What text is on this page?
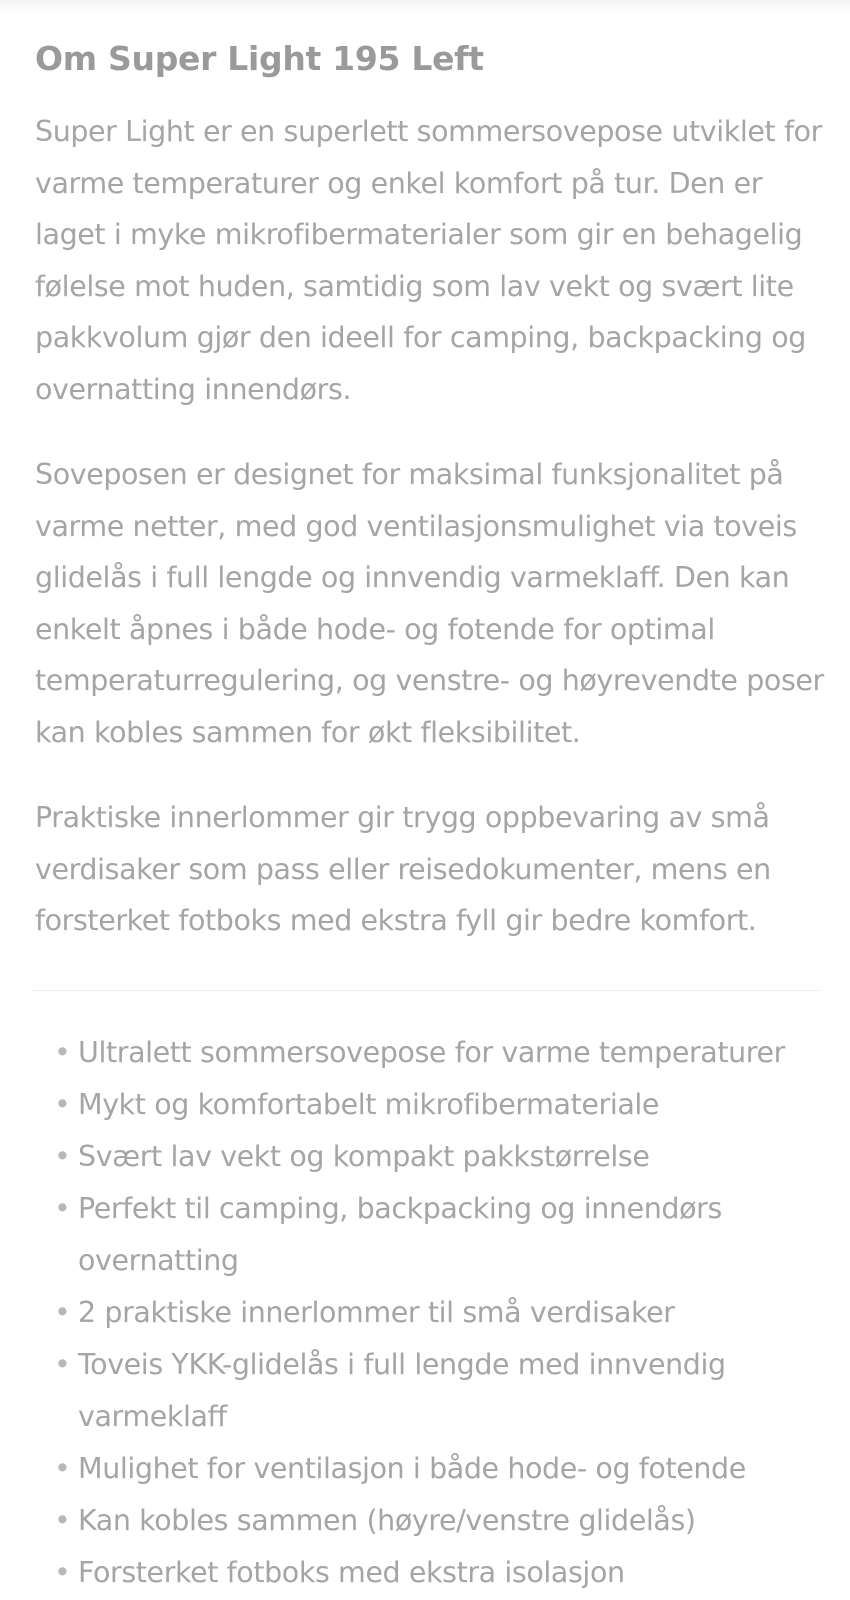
Om Super Light 195 Left

Super Light er en superlett sommersovepose utviklet for varme temperaturer og enkel komfort på tur. Den er laget i myke mikrofibermaterialer som gir en behagelig følelse mot huden, samtidig som lav vekt og svært lite pakkvolum gjør den ideell for camping, backpacking og overnatting innendørs.

Soveposen er designet for maksimal funksjonalitet på varme netter, med god ventilasjonsmulighet via toveis glidelås i full lengde og innvendig varmeklaff. Den kan enkelt åpnes i både hode- og fotende for optimal temperaturregulering, og venstre- og høyrevendte poser kan kobles sammen for økt fleksibilitet.

Praktiske innerlommer gir trygg oppbevaring av små verdisaker som pass eller reisedokumenter, mens en forsterket fotboks med ekstra fyll gir bedre komfort.

• Ultralett sommersovepose for varme temperaturer
• Mykt og komfortabelt mikrofibermateriale
• Svært lav vekt og kompakt pakkstørrelse
• Perfekt til camping, backpacking og innendørs overnatting
• 2 praktiske innerlommer til små verdisaker
• Toveis YKK-glidelås i full lengde med innvendig varmeklaff
• Mulighet for ventilasjon i både hode- og fotende
• Kan kobles sammen (høyre/venstre glidelås)
• Forsterket fotboks med ekstra isolasjon
